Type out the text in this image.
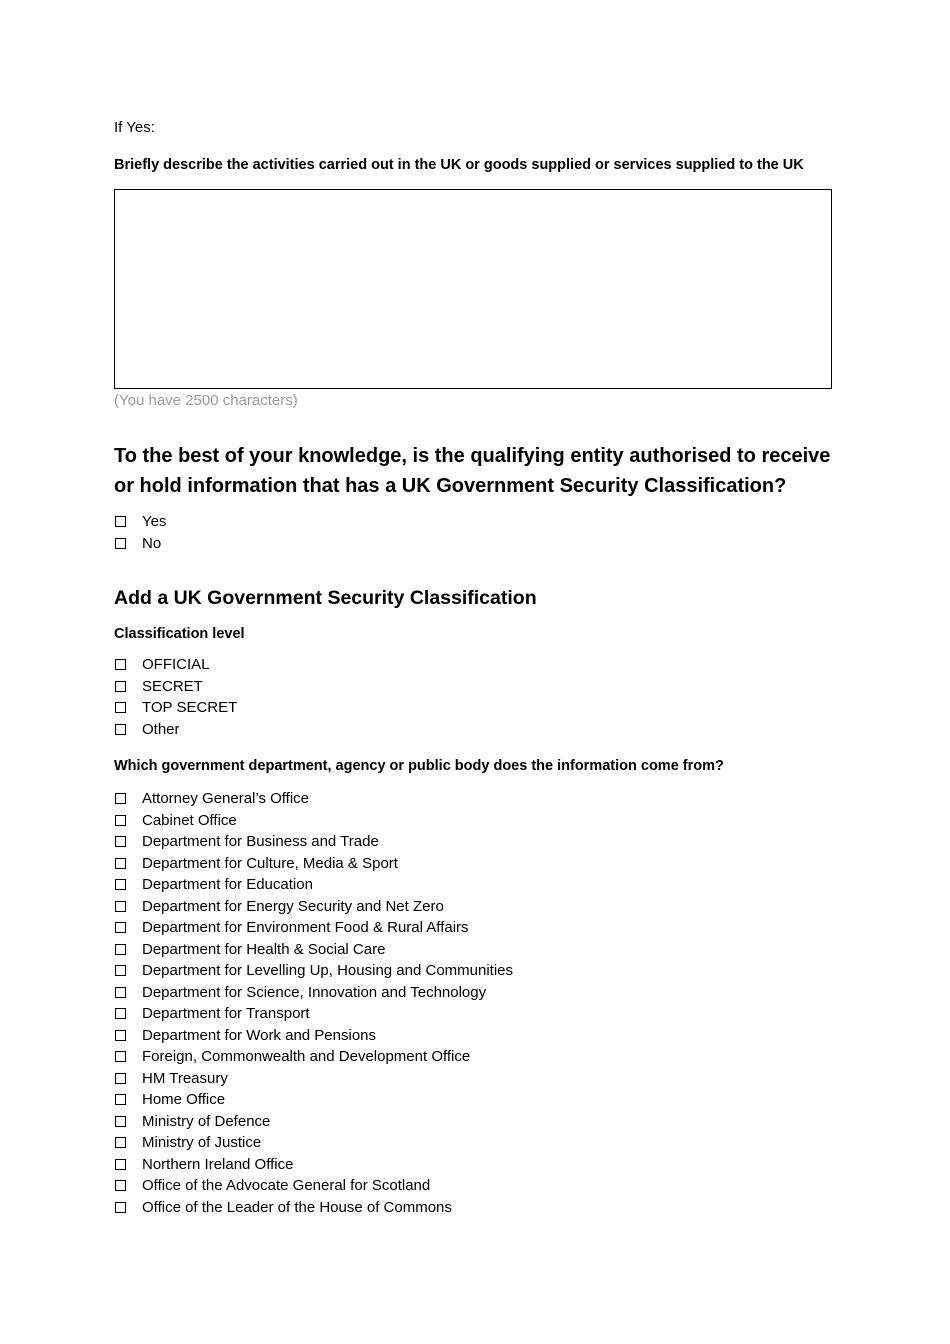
If Yes:
Briefly describe the activities carried out in the UK or goods supplied or services supplied to the UK
(You have 2500 characters)
To the best of your knowledge, is the qualifying entity authorised to receive or hold information that has a UK Government Security Classification?
Yes
No
Add a UK Government Security Classification
Classification level
OFFICIAL
SECRET
TOP SECRET
Other
Which government department, agency or public body does the information come from?
Attorney General’s Office
Cabinet Office
Department for Business and Trade
Department for Culture, Media & Sport
Department for Education
Department for Energy Security and Net Zero
Department for Environment Food & Rural Affairs
Department for Health & Social Care
Department for Levelling Up, Housing and Communities
Department for Science, Innovation and Technology
Department for Transport
Department for Work and Pensions
Foreign, Commonwealth and Development Office
HM Treasury
Home Office
Ministry of Defence
Ministry of Justice
Northern Ireland Office
Office of the Advocate General for Scotland
Office of the Leader of the House of Commons
